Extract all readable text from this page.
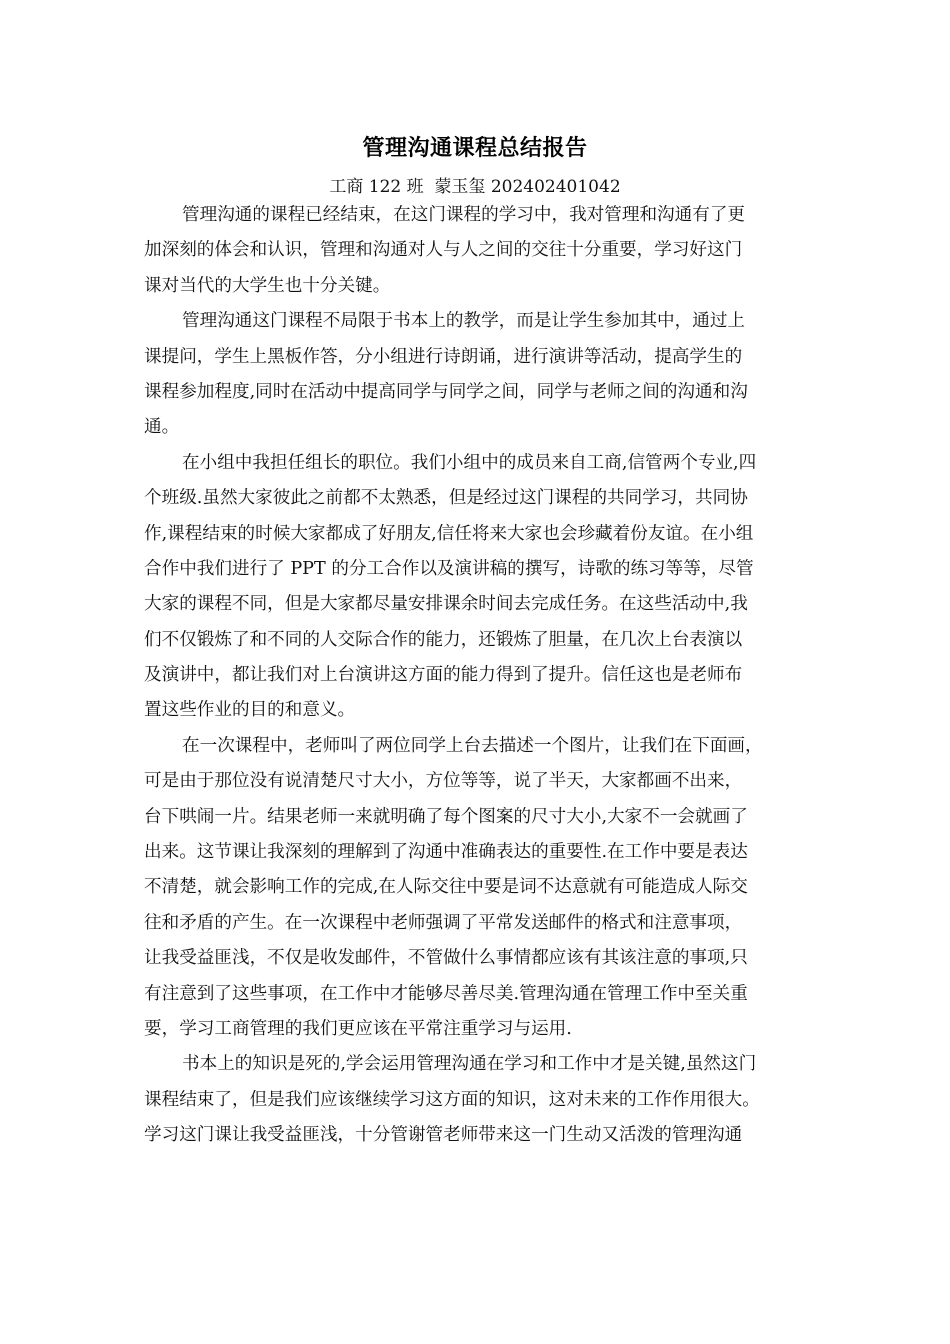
管理沟通课程总结报告
工商 122 班 蒙玉玺 202402401042
管理沟通的课程已经结束，在这门课程的学习中，我对管理和沟通有了更
加深刻的体会和认识，管理和沟通对人与人之间的交往十分重要，学习好这门
课对当代的大学生也十分关键。
管理沟通这门课程不局限于书本上的教学，而是让学生参加其中，通过上
课提问，学生上黑板作答，分小组进行诗朗诵，进行演讲等活动，提高学生的
课程参加程度,同时在活动中提高同学与同学之间，同学与老师之间的沟通和沟
通。
在小组中我担任组长的职位。我们小组中的成员来自工商,信管两个专业,四
个班级.虽然大家彼此之前都不太熟悉，但是经过这门课程的共同学习，共同协
作,课程结束的时候大家都成了好朋友,信任将来大家也会珍藏着份友谊。在小组
合作中我们进行了 PPT 的分工合作以及演讲稿的撰写，诗歌的练习等等，尽管
大家的课程不同，但是大家都尽量安排课余时间去完成任务。在这些活动中,我
们不仅锻炼了和不同的人交际合作的能力，还锻炼了胆量，在几次上台表演以
及演讲中，都让我们对上台演讲这方面的能力得到了提升。信任这也是老师布
置这些作业的目的和意义。
在一次课程中，老师叫了两位同学上台去描述一个图片，让我们在下面画，
可是由于那位没有说清楚尺寸大小，方位等等，说了半天，大家都画不出来，
台下哄闹一片。结果老师一来就明确了每个图案的尺寸大小,大家不一会就画了
出来。这节课让我深刻的理解到了沟通中准确表达的重要性.在工作中要是表达
不清楚，就会影响工作的完成,在人际交往中要是词不达意就有可能造成人际交
往和矛盾的产生。在一次课程中老师强调了平常发送邮件的格式和注意事项，
让我受益匪浅，不仅是收发邮件，不管做什么事情都应该有其该注意的事项,只
有注意到了这些事项，在工作中才能够尽善尽美.管理沟通在管理工作中至关重
要，学习工商管理的我们更应该在平常注重学习与运用.
书本上的知识是死的,学会运用管理沟通在学习和工作中才是关键,虽然这门
课程结束了，但是我们应该继续学习这方面的知识，这对未来的工作作用很大。
学习这门课让我受益匪浅，十分管谢管老师带来这一门生动又活泼的管理沟通
